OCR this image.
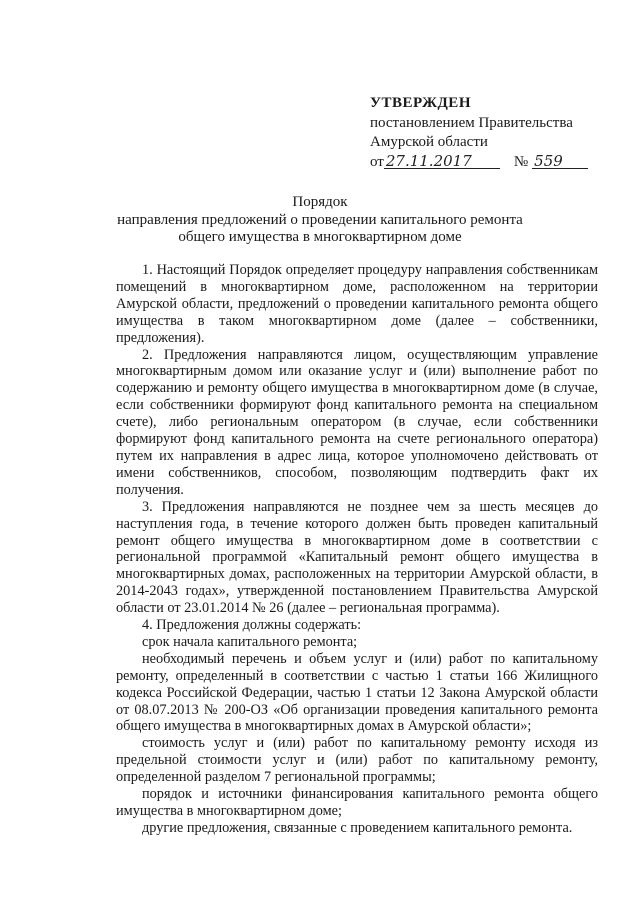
УТВЕРЖДЕН
постановлением Правительства
Амурской области
от 27.11.2017	№ 559
Порядок
направления предложений о проведении капитального ремонта
общего имущества в многоквартирном доме

1. Настоящий Порядок определяет процедуру направления собственникам помещений в многоквартирном доме, расположенном на территории Амурской области, предложений о проведении капитального ремонта общего имущества в таком многоквартирном доме (далее – собственники, предложения).

2. Предложения направляются лицом, осуществляющим управление многоквартирным домом или оказание услуг и (или) выполнение работ по содержанию и ремонту общего имущества в многоквартирном доме (в случае, если собственники формируют фонд капитального ремонта на специальном счете), либо региональным оператором (в случае, если собственники формируют фонд капитального ремонта на счете регионального оператора) путем их направления в адрес лица, которое уполномочено действовать от имени собственников, способом, позволяющим подтвердить факт их получения.

3. Предложения направляются не позднее чем за шесть месяцев до наступления года, в течение которого должен быть проведен капитальный ремонт общего имущества в многоквартирном доме в соответствии с региональной программой «Капитальный ремонт общего имущества в многоквартирных домах, расположенных на территории Амурской области, в 2014-2043 годах», утвержденной постановлением Правительства Амурской области от 23.01.2014 № 26 (далее – региональная программа).

4. Предложения должны содержать:

срок начала капитального ремонта;

необходимый перечень и объем услуг и (или) работ по капитальному ремонту, определенный в соответствии с частью 1 статьи 166 Жилищного кодекса Российской Федерации, частью 1 статьи 12 Закона Амурской области от 08.07.2013 № 200-ОЗ «Об организации проведения капитального ремонта общего имущества в многоквартирных домах в Амурской области»;

стоимость услуг и (или) работ по капитальному ремонту исходя из предельной стоимости услуг и (или) работ по капитальному ремонту, определенной разделом 7 региональной программы;

порядок и источники финансирования капитального ремонта общего имущества в многоквартирном доме;

другие предложения, связанные с проведением капитального ремонта.
